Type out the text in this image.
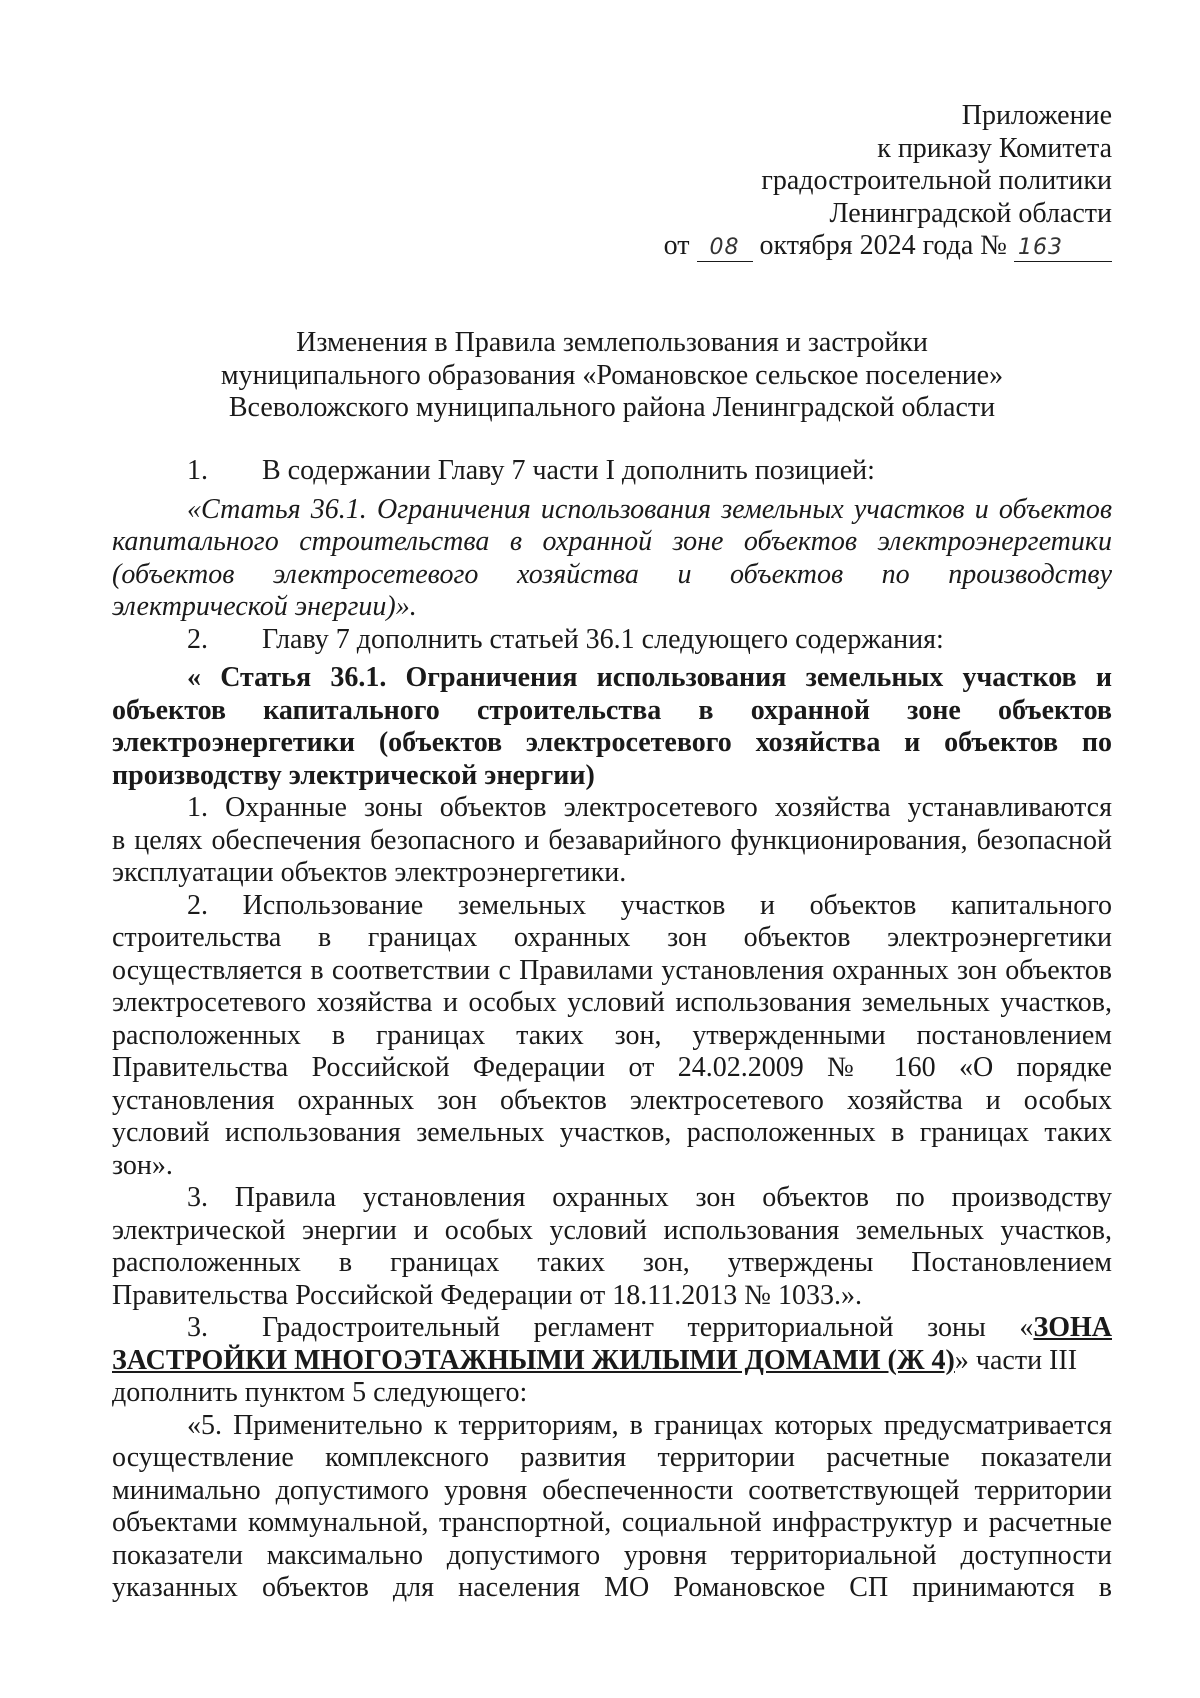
Приложение
к приказу Комитета
градостроительной политики
Ленинградской области
от 08 октября 2024 года № 163
Изменения в Правила землепользования и застройки
муниципального образования «Романовское сельское поселение»
Всеволожского муниципального района Ленинградской области
1. В содержании Главу 7 части I дополнить позицией:
«Статья 36.1. Ограничения использования земельных участков и объектов
капитального строительства в охранной зоне объектов электроэнергетики
(объектов электросетевого хозяйства и объектов по производству
электрической энергии)».
2. Главу 7 дополнить статьей 36.1 следующего содержания:
« Статья 36.1. Ограничения использования земельных участков и
объектов капитального строительства в охранной зоне объектов
электроэнергетики (объектов электросетевого хозяйства и объектов по
производству электрической энергии)
1. Охранные зоны объектов электросетевого хозяйства устанавливаются
в целях обеспечения безопасного и безаварийного функционирования, безопасной
эксплуатации объектов электроэнергетики.
2. Использование земельных участков и объектов капитального
строительства в границах охранных зон объектов электроэнергетики
осуществляется в соответствии с Правилами установления охранных зон объектов
электросетевого хозяйства и особых условий использования земельных участков,
расположенных в границах таких зон, утвержденными постановлением
Правительства Российской Федерации от 24.02.2009 № 160 «О порядке
установления охранных зон объектов электросетевого хозяйства и особых
условий использования земельных участков, расположенных в границах таких
зон».
3. Правила установления охранных зон объектов по производству
электрической энергии и особых условий использования земельных участков,
расположенных в границах таких зон, утверждены Постановлением
Правительства Российской Федерации от 18.11.2013 № 1033.».
3. Градостроительный регламент территориальной зоны «ЗОНА
ЗАСТРОЙКИ МНОГОЭТАЖНЫМИ ЖИЛЫМИ ДОМАМИ (Ж 4)» части III
дополнить пунктом 5 следующего:
«5. Применительно к территориям, в границах которых предусматривается
осуществление комплексного развития территории расчетные показатели
минимально допустимого уровня обеспеченности соответствующей территории
объектами коммунальной, транспортной, социальной инфраструктур и расчетные
показатели максимально допустимого уровня территориальной доступности
указанных объектов для населения МО Романовское СП принимаются в
